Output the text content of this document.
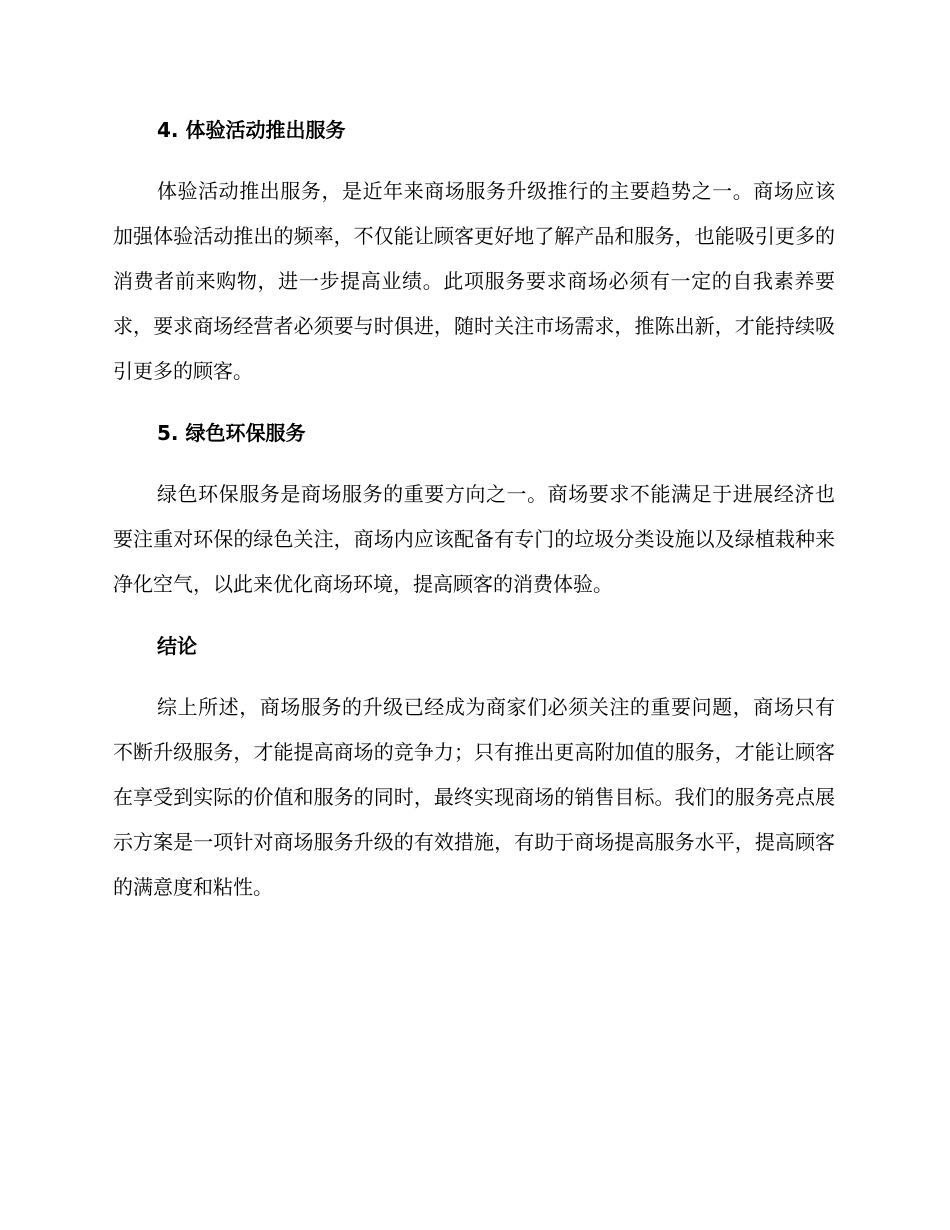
4. 体验活动推出服务

体验活动推出服务，是近年来商场服务升级推行的主要趋势之一。商场应该加强体验活动推出的频率，不仅能让顾客更好地了解产品和服务，也能吸引更多的消费者前来购物，进一步提高业绩。此项服务要求商场必须有一定的自我素养要求，要求商场经营者必须要与时俱进，随时关注市场需求，推陈出新，才能持续吸引更多的顾客。

5. 绿色环保服务

绿色环保服务是商场服务的重要方向之一。商场要求不能满足于进展经济也要注重对环保的绿色关注，商场内应该配备有专门的垃圾分类设施以及绿植栽种来净化空气，以此来优化商场环境，提高顾客的消费体验。

结论

综上所述，商场服务的升级已经成为商家们必须关注的重要问题，商场只有不断升级服务，才能提高商场的竞争力；只有推出更高附加值的服务，才能让顾客在享受到实际的价值和服务的同时，最终实现商场的销售目标。我们的服务亮点展示方案是一项针对商场服务升级的有效措施，有助于商场提高服务水平，提高顾客的满意度和粘性。
